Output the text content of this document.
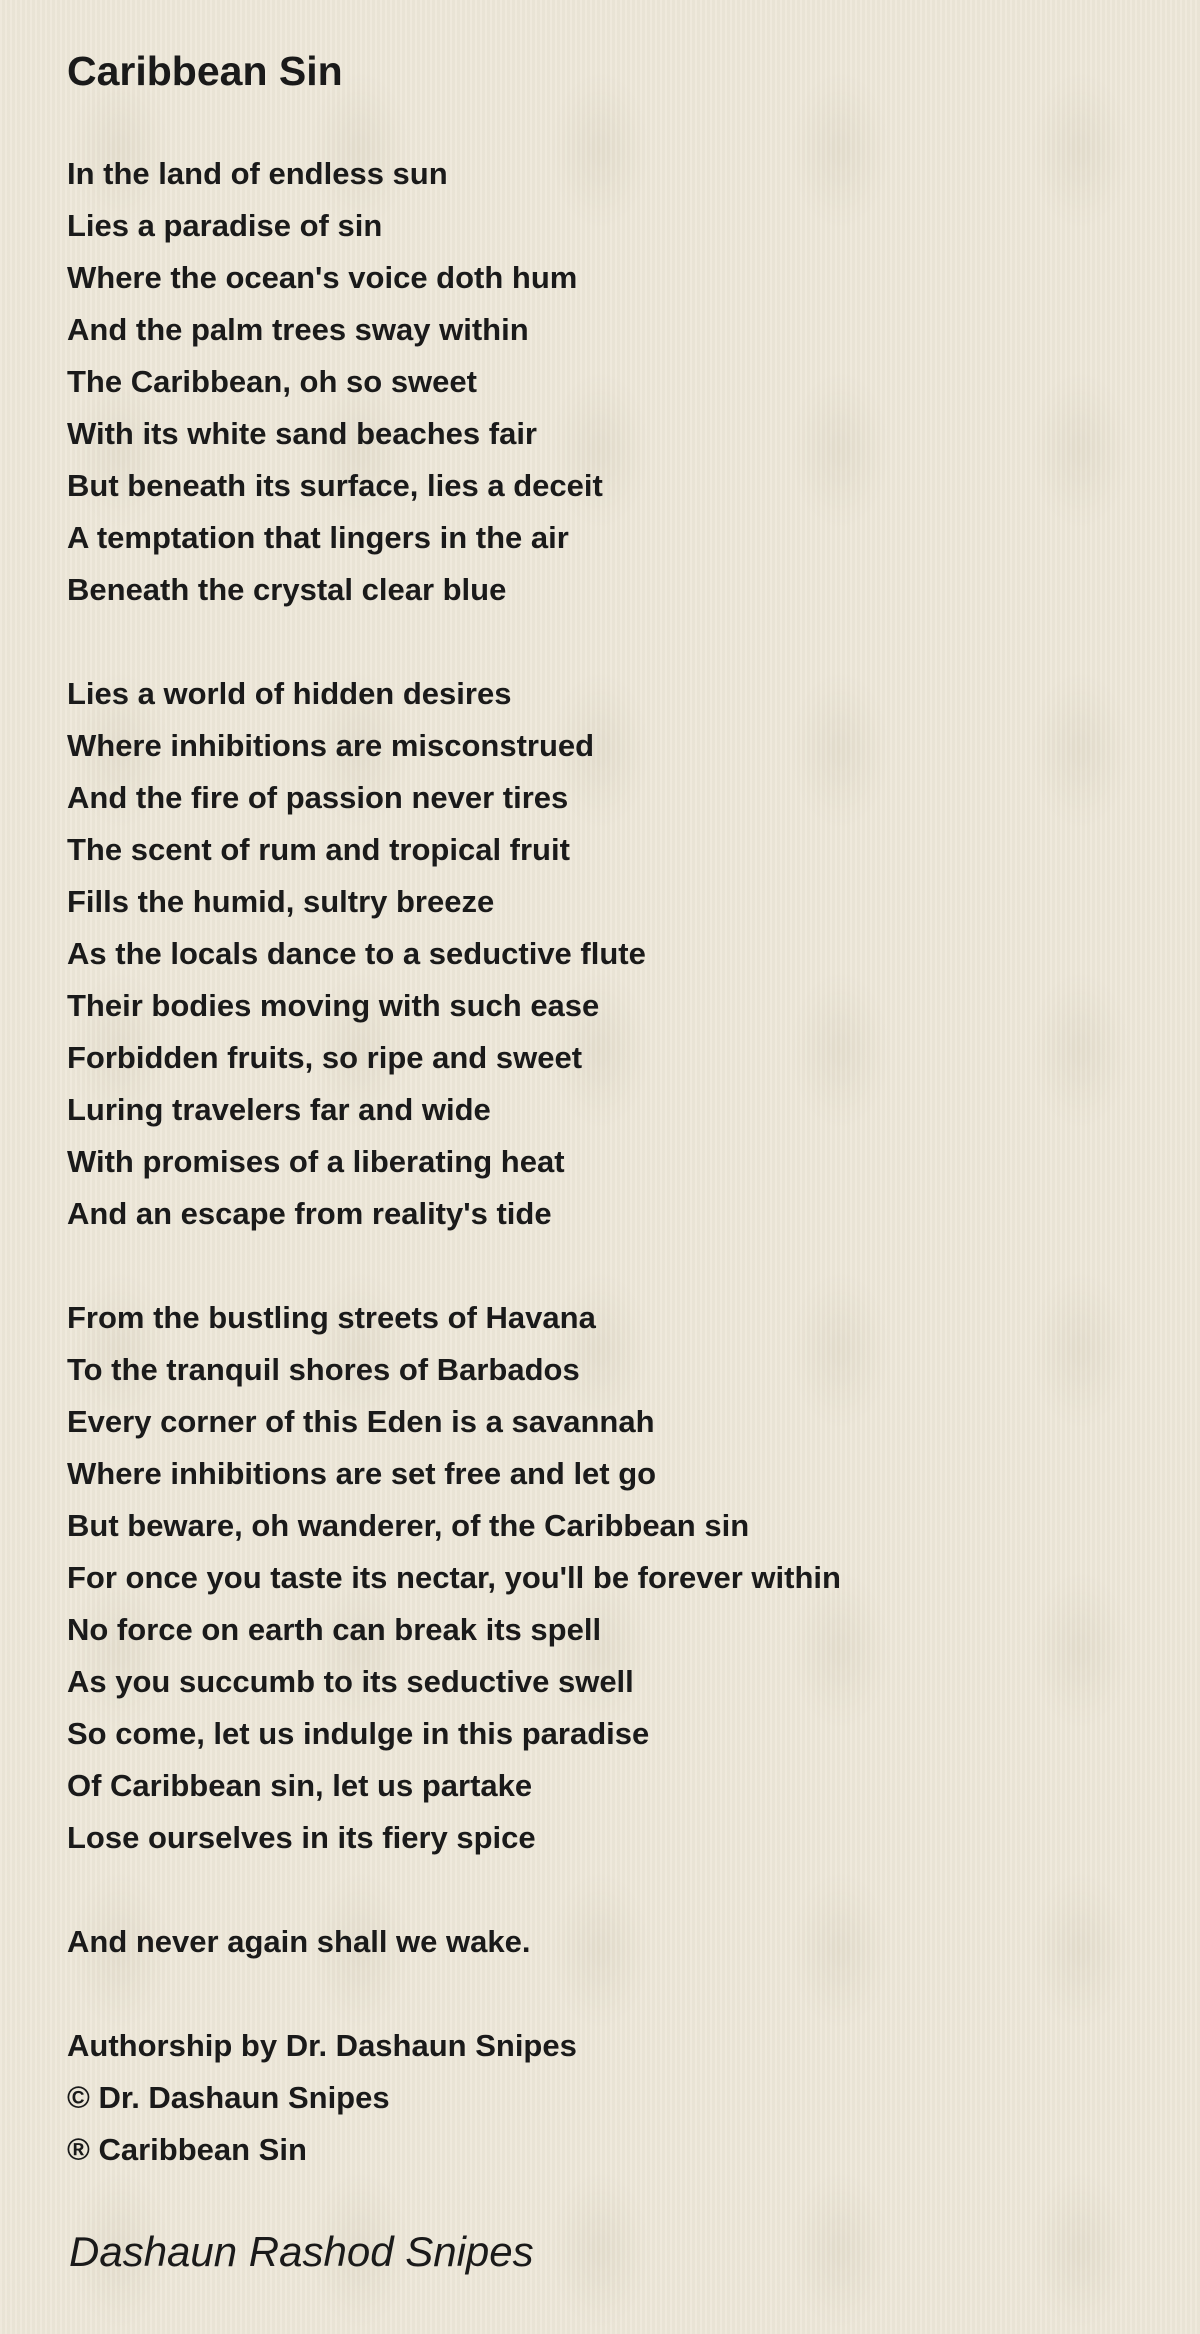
Caribbean Sin
In the land of endless sun
Lies a paradise of sin
Where the ocean's voice doth hum
And the palm trees sway within
The Caribbean, oh so sweet
With its white sand beaches fair
But beneath its surface, lies a deceit
A temptation that lingers in the air
Beneath the crystal clear blue
Lies a world of hidden desires
Where inhibitions are misconstrued
And the fire of passion never tires
The scent of rum and tropical fruit
Fills the humid, sultry breeze
As the locals dance to a seductive flute
Their bodies moving with such ease
Forbidden fruits, so ripe and sweet
Luring travelers far and wide
With promises of a liberating heat
And an escape from reality's tide
From the bustling streets of Havana
To the tranquil shores of Barbados
Every corner of this Eden is a savannah
Where inhibitions are set free and let go
But beware, oh wanderer, of the Caribbean sin
For once you taste its nectar, you'll be forever within
No force on earth can break its spell
As you succumb to its seductive swell
So come, let us indulge in this paradise
Of Caribbean sin, let us partake
Lose ourselves in its fiery spice
And never again shall we wake.
Authorship by Dr. Dashaun Snipes
© Dr. Dashaun Snipes
® Caribbean Sin
Dashaun Rashod Snipes
